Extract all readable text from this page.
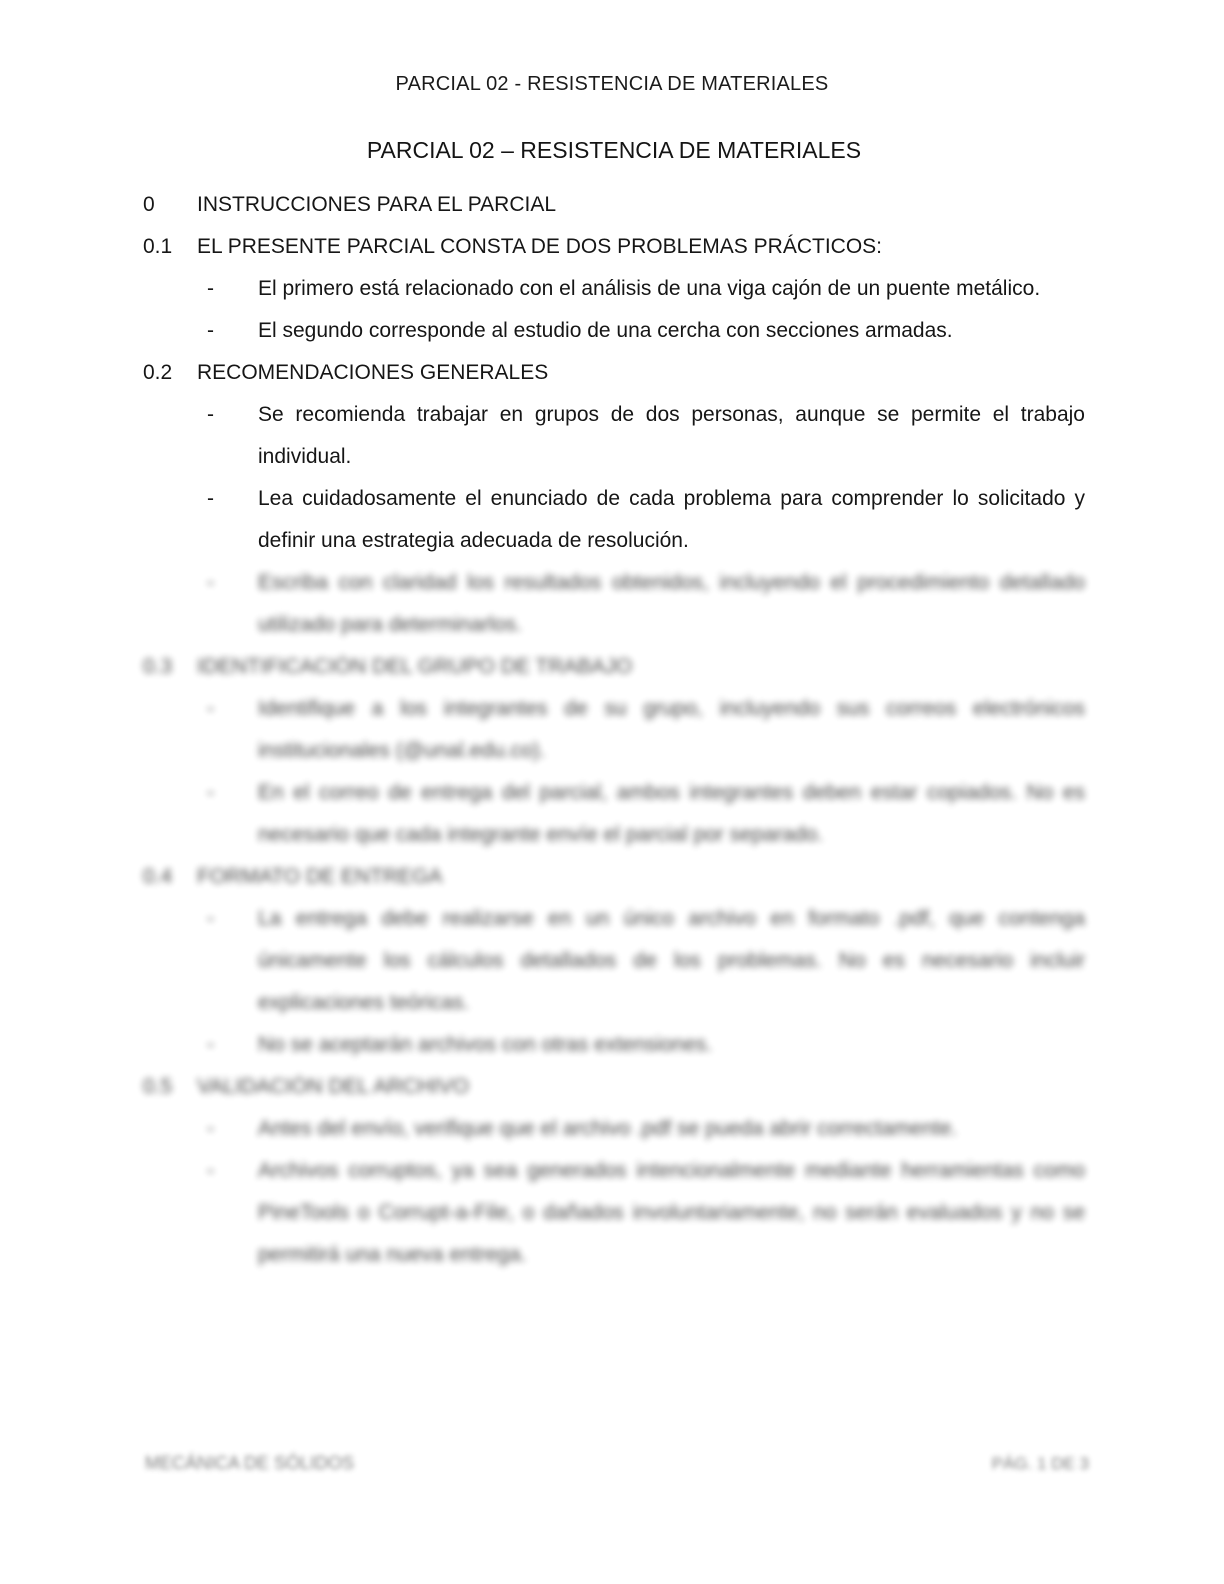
PARCIAL 02 - RESISTENCIA DE MATERIALES
PARCIAL 02 – RESISTENCIA DE MATERIALES
0	INSTRUCCIONES PARA EL PARCIAL
0.1	EL PRESENTE PARCIAL CONSTA DE DOS PROBLEMAS PRÁCTICOS:
-	El primero está relacionado con el análisis de una viga cajón de un puente metálico.
-	El segundo corresponde al estudio de una cercha con secciones armadas.
0.2	RECOMENDACIONES GENERALES
-	Se recomienda trabajar en grupos de dos personas, aunque se permite el trabajo individual.
-	Lea cuidadosamente el enunciado de cada problema para comprender lo solicitado y definir una estrategia adecuada de resolución.
-	Escriba con claridad los resultados obtenidos, incluyendo el procedimiento detallado utilizado para determinarlos.
0.3	IDENTIFICACIÓN DEL GRUPO DE TRABAJO
-	Identifique a los integrantes de su grupo, incluyendo sus correos electrónicos institucionales (@unal.edu.co).
-	En el correo de entrega del parcial, ambos integrantes deben estar copiados. No es necesario que cada integrante envíe el parcial por separado.
0.4	FORMATO DE ENTREGA
-	La entrega debe realizarse en un único archivo en formato .pdf, que contenga únicamente los cálculos detallados de los problemas. No es necesario incluir explicaciones teóricas.
-	No se aceptarán archivos con otras extensiones.
0.5	VALIDACIÓN DEL ARCHIVO
-	Antes del envío, verifique que el archivo .pdf se pueda abrir correctamente.
-	Archivos corruptos, ya sea generados intencionalmente mediante herramientas como PineTools o Corrupt-a-File, o dañados involuntariamente, no serán evaluados y no se permitirá una nueva entrega.
MECÁNICA DE SÓLIDOS	PÁG. 1 DE 3
